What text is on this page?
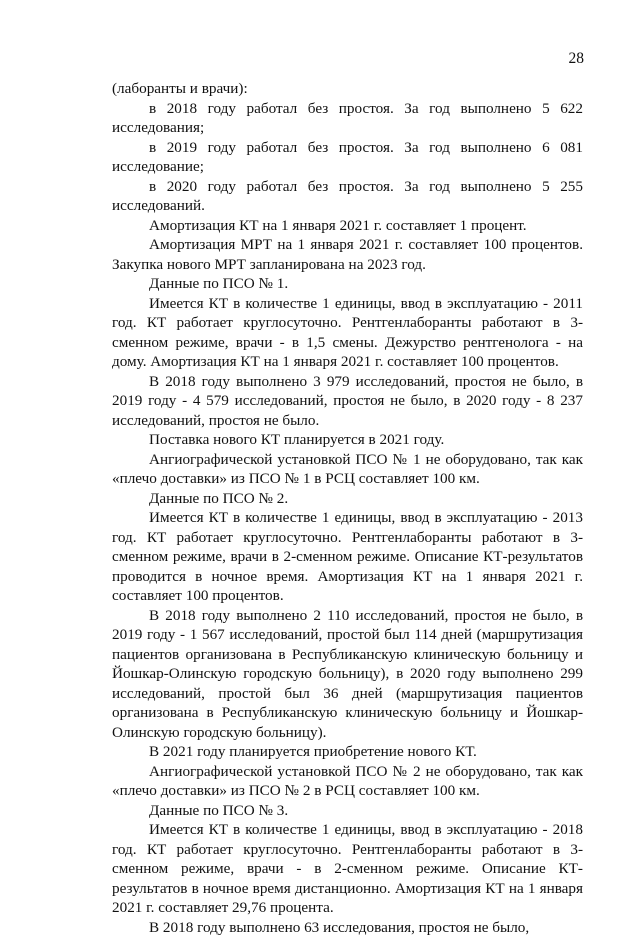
28

(лаборанты и врачи):

в 2018 году работал без простоя. За год выполнено 5 622 исследования;

в 2019 году работал без простоя. За год выполнено 6 081 исследование;

в 2020 году работал без простоя. За год выполнено 5 255 исследований.

Амортизация КТ на 1 января 2021 г. составляет 1 процент.

Амортизация МРТ на 1 января 2021 г. составляет 100 процентов. Закупка нового МРТ запланирована на 2023 год.

Данные по ПСО № 1.

Имеется КТ в количестве 1 единицы, ввод в эксплуатацию - 2011 год. КТ работает круглосуточно. Рентгенлаборанты работают в 3-сменном режиме, врачи - в 1,5 смены. Дежурство рентгенолога - на дому. Амортизация КТ на 1 января 2021 г. составляет 100 процентов.

В 2018 году выполнено 3 979 исследований, простоя не было, в 2019 году - 4 579 исследований, простоя не было, в 2020 году - 8 237 исследований, простоя не было.

Поставка нового КТ планируется в 2021 году.

Ангиографической установкой ПСО № 1 не оборудовано, так как «плечо доставки» из ПСО № 1 в РСЦ составляет 100 км.

Данные по ПСО № 2.

Имеется КТ в количестве 1 единицы, ввод в эксплуатацию - 2013 год. КТ работает круглосуточно. Рентгенлаборанты работают в 3-сменном режиме, врачи в 2-сменном режиме. Описание КТ-результатов проводится в ночное время. Амортизация КТ на 1 января 2021 г. составляет 100 процентов.

В 2018 году выполнено 2 110 исследований, простоя не было, в 2019 году - 1 567 исследований, простой был 114 дней (маршрутизация пациентов организована в Республиканскую клиническую больницу и Йошкар-Олинскую городскую больницу), в 2020 году выполнено 299 исследований, простой был 36 дней (маршрутизация пациентов организована в Республиканскую клиническую больницу и Йошкар-Олинскую городскую больницу).

В 2021 году планируется приобретение нового КТ.

Ангиографической установкой ПСО № 2 не оборудовано, так как «плечо доставки» из ПСО № 2 в РСЦ составляет 100 км.

Данные по ПСО № 3.

Имеется КТ в количестве 1 единицы, ввод в эксплуатацию - 2018 год. КТ работает круглосуточно. Рентгенлаборанты работают в 3-сменном режиме, врачи - в 2-сменном режиме. Описание КТ-результатов в ночное время дистанционно. Амортизация КТ на 1 января 2021 г. составляет 29,76 процента.

В 2018 году выполнено 63 исследования, простоя не было,
